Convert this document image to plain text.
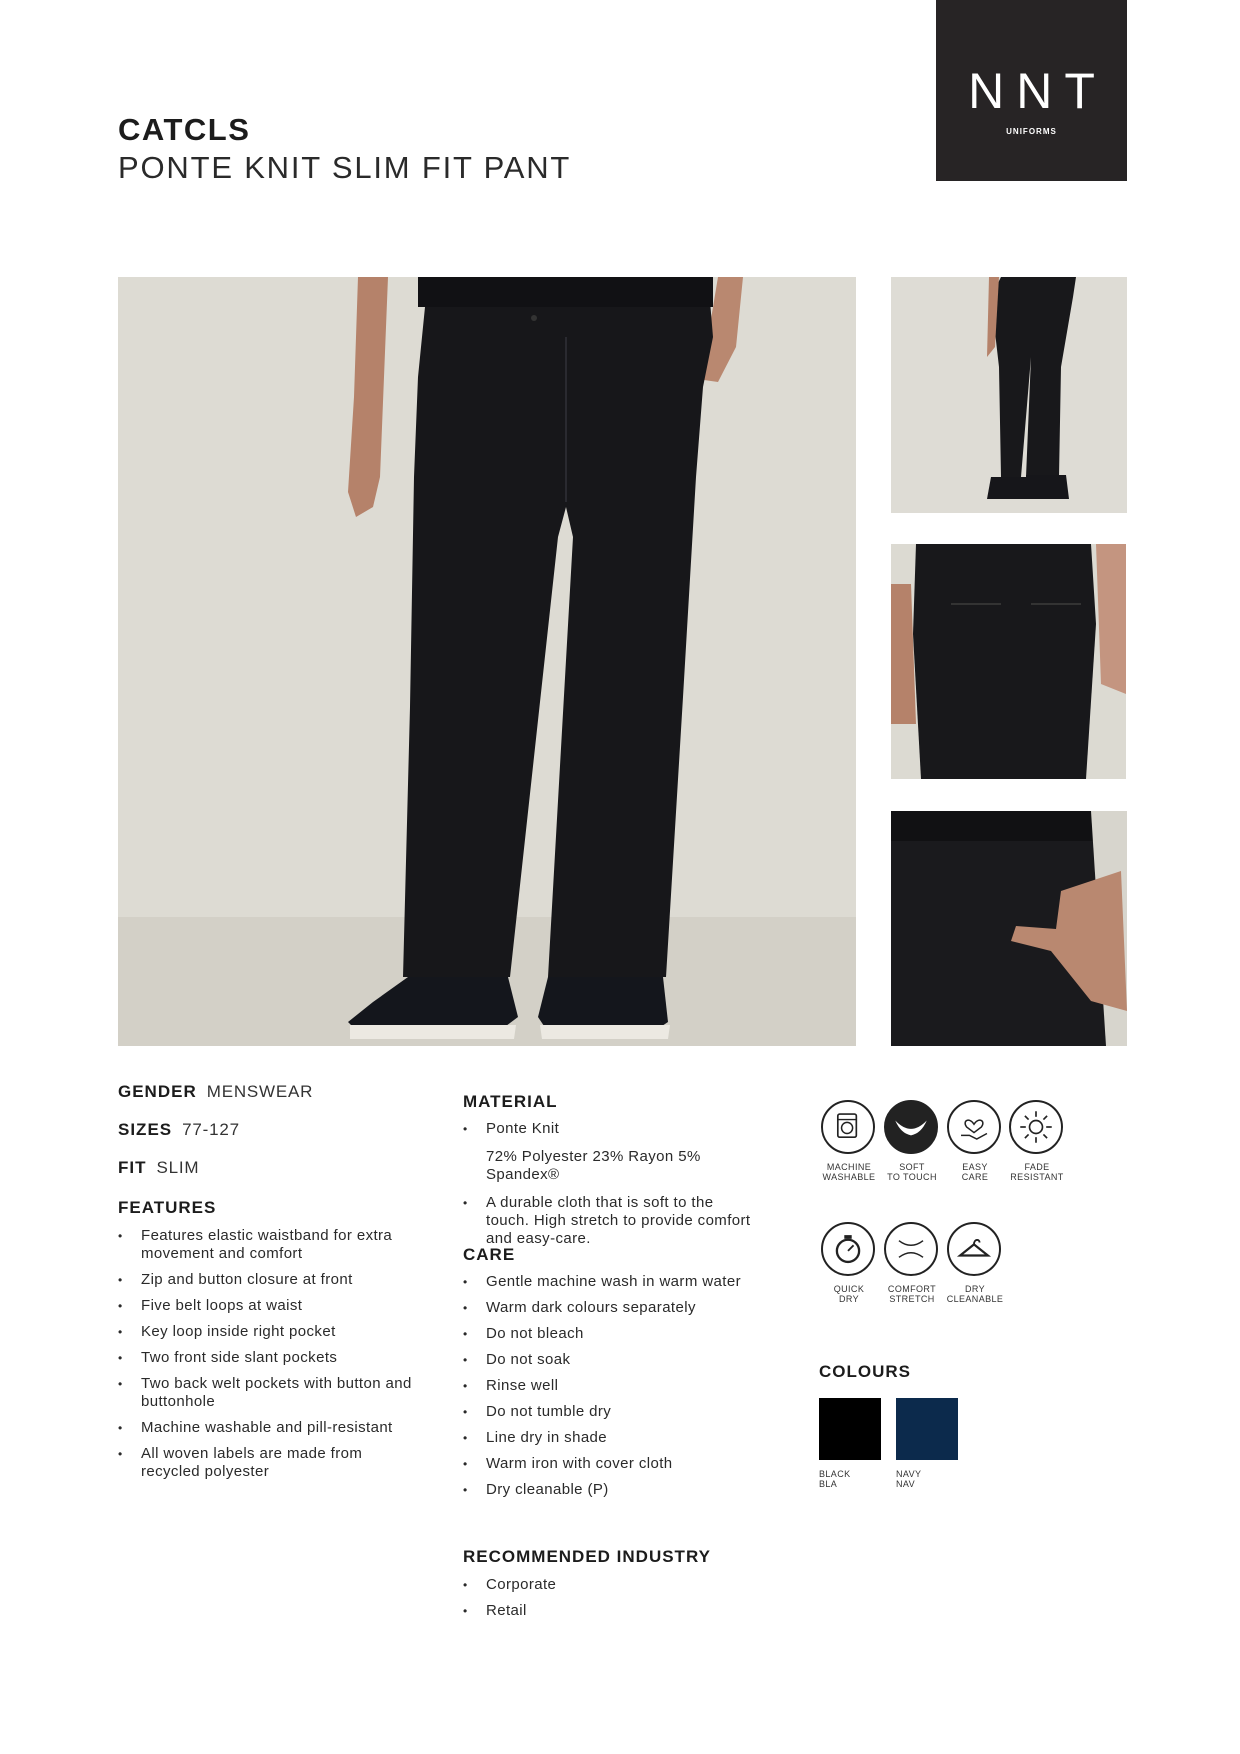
CATCLS
PONTE KNIT SLIM FIT PANT
NNT
UNIFORMS
GENDER MENSWEAR
SIZES 77-127
FIT SLIM
FEATURES
• Features elastic waistband for extra movement and comfort
• Zip and button closure at front
• Five belt loops at waist
• Key loop inside right pocket
• Two front side slant pockets
• Two back welt pockets with button and buttonhole
• Machine washable and pill-resistant
• All woven labels are made from recycled polyester
MATERIAL
• Ponte Knit
72% Polyester 23% Rayon 5% Spandex®
• A durable cloth that is soft to the touch. High stretch to provide comfort and easy-care.
CARE
• Gentle machine wash in warm water
• Warm dark colours separately
• Do not bleach
• Do not soak
• Rinse well
• Do not tumble dry
• Line dry in shade
• Warm iron with cover cloth
• Dry cleanable (P)
RECOMMENDED INDUSTRY
• Corporate
• Retail
MACHINE
WASHABLE
SOFT
TO TOUCH
EASY
CARE
FADE
RESISTANT
QUICK
DRY
COMFORT
STRETCH
DRY
CLEANABLE
COLOURS
BLACK
BLA
NAVY
NAV
